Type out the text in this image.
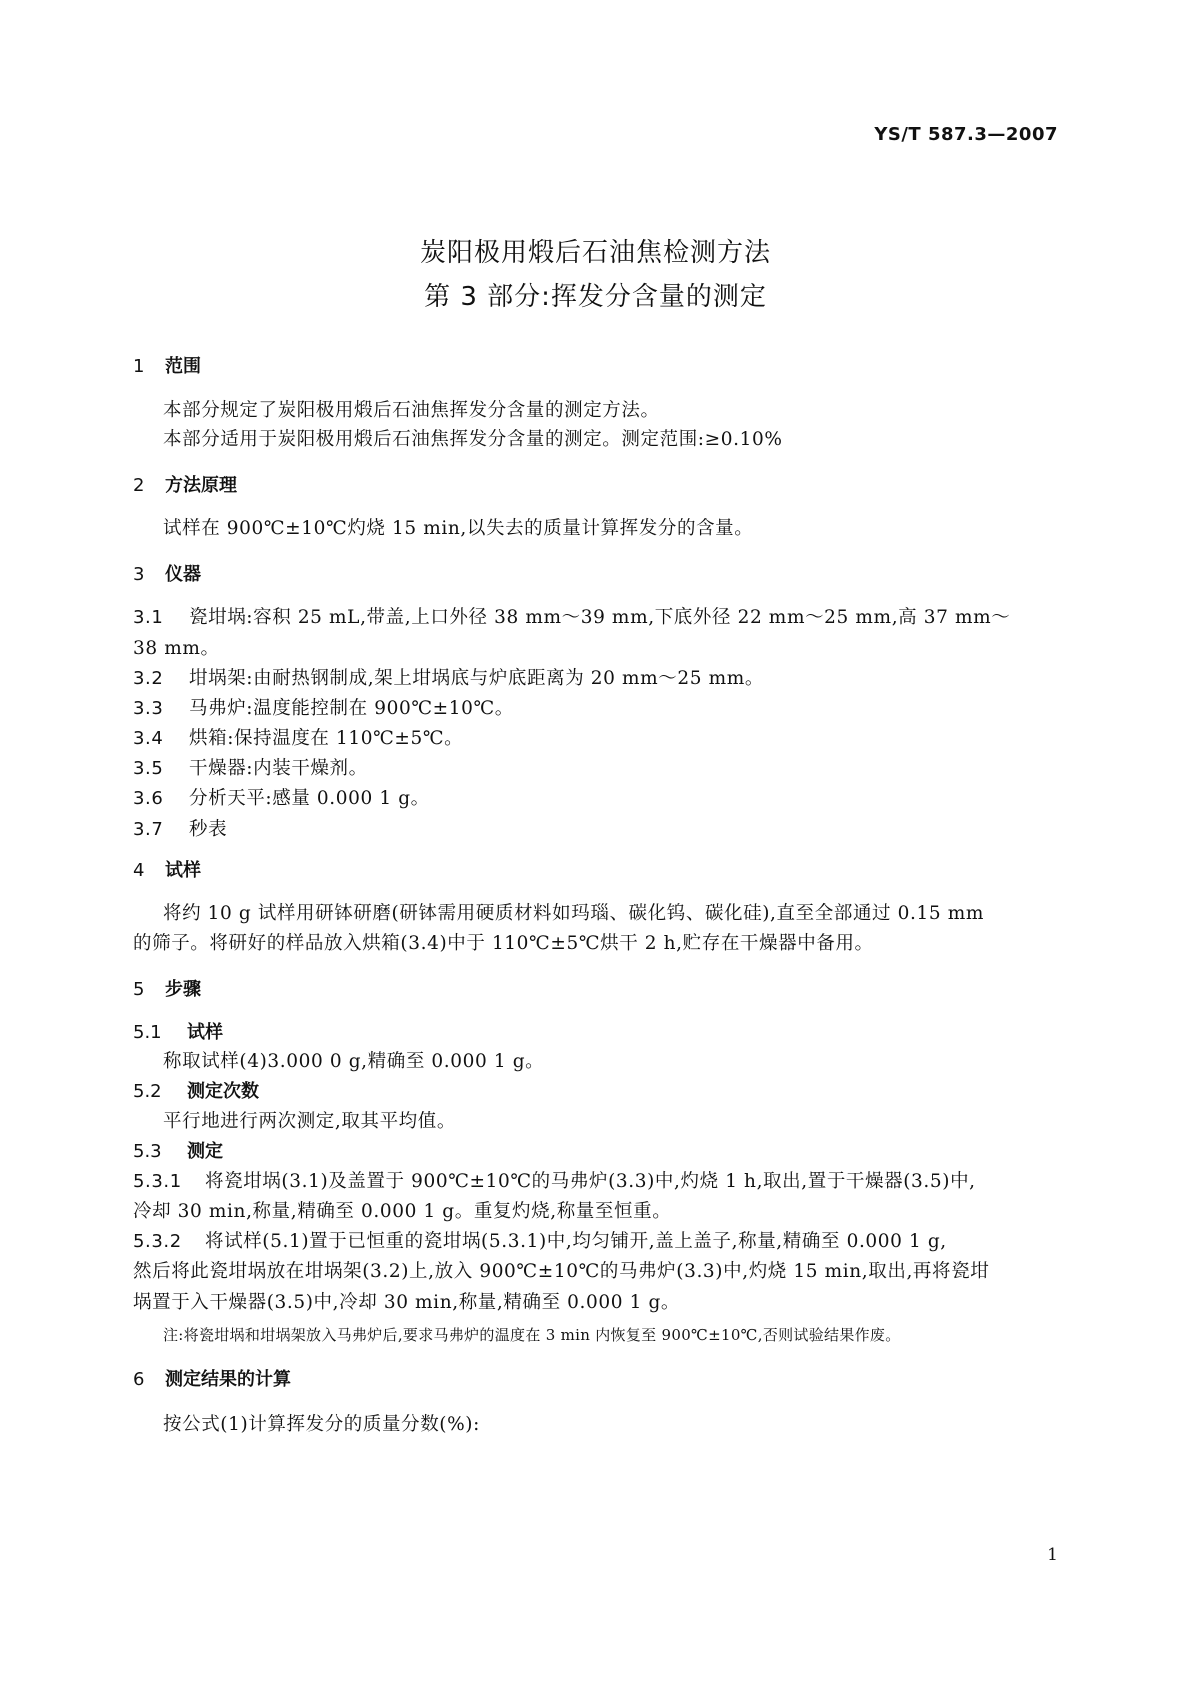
YS/T 587.3—2007
炭阳极用煅后石油焦检测方法
第 3 部分:挥发分含量的测定
1 范围
本部分规定了炭阳极用煅后石油焦挥发分含量的测定方法。
本部分适用于炭阳极用煅后石油焦挥发分含量的测定。测定范围:≥0.10%
2 方法原理
试样在 900℃±10℃灼烧 15 min,以失去的质量计算挥发分的含量。
3 仪器
3.1 瓷坩埚:容积 25 mL,带盖,上口外径 38 mm～39 mm,下底外径 22 mm～25 mm,高 37 mm～
38 mm。
3.2 坩埚架:由耐热钢制成,架上坩埚底与炉底距离为 20 mm～25 mm。
3.3 马弗炉:温度能控制在 900℃±10℃。
3.4 烘箱:保持温度在 110℃±5℃。
3.5 干燥器:内装干燥剂。
3.6 分析天平:感量 0.000 1 g。
3.7 秒表
4 试样
将约 10 g 试样用研钵研磨(研钵需用硬质材料如玛瑙、碳化钨、碳化硅),直至全部通过 0.15 mm
的筛子。将研好的样品放入烘箱(3.4)中于 110℃±5℃烘干 2 h,贮存在干燥器中备用。
5 步骤
5.1 试样
称取试样(4)3.000 0 g,精确至 0.000 1 g。
5.2 测定次数
平行地进行两次测定,取其平均值。
5.3 测定
5.3.1 将瓷坩埚(3.1)及盖置于 900℃±10℃的马弗炉(3.3)中,灼烧 1 h,取出,置于干燥器(3.5)中,
冷却 30 min,称量,精确至 0.000 1 g。重复灼烧,称量至恒重。
5.3.2 将试样(5.1)置于已恒重的瓷坩埚(5.3.1)中,均匀铺开,盖上盖子,称量,精确至 0.000 1 g,
然后将此瓷坩埚放在坩埚架(3.2)上,放入 900℃±10℃的马弗炉(3.3)中,灼烧 15 min,取出,再将瓷坩
埚置于入干燥器(3.5)中,冷却 30 min,称量,精确至 0.000 1 g。
注:将瓷坩埚和坩埚架放入马弗炉后,要求马弗炉的温度在 3 min 内恢复至 900℃±10℃,否则试验结果作废。
6 测定结果的计算
按公式(1)计算挥发分的质量分数(%):
1
